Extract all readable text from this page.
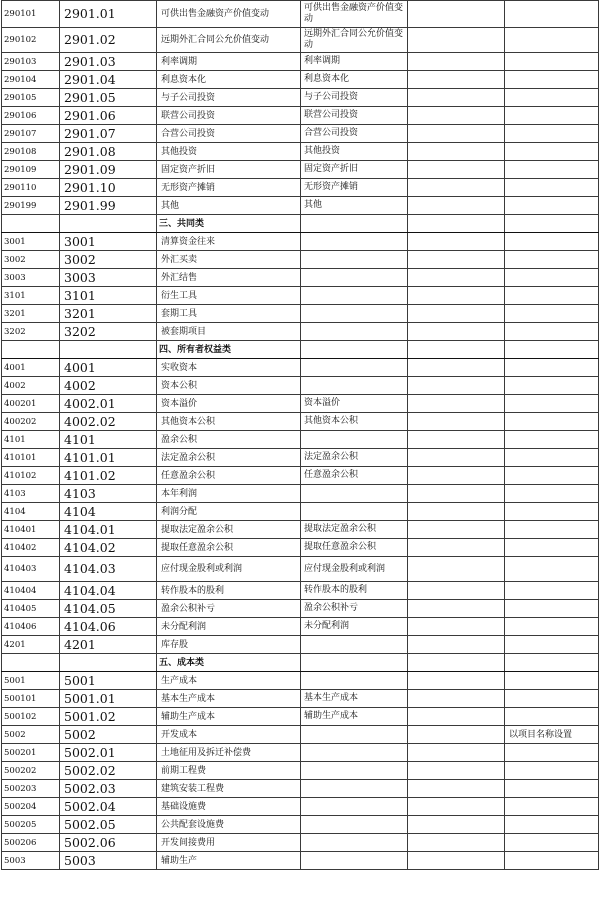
290101	2901.01	可供出售金融资产价值变动	可供出售金融资产价值变动		
290102	2901.02	远期外汇合同公允价值变动	远期外汇合同公允价值变动		
290103	2901.03	利率调期	利率调期		
290104	2901.04	利息资本化	利息资本化		
290105	2901.05	与子公司投资	与子公司投资		
290106	2901.06	联营公司投资	联营公司投资		
290107	2901.07	合营公司投资	合营公司投资		
290108	2901.08	其他投资	其他投资		
290109	2901.09	固定资产折旧	固定资产折旧		
290110	2901.10	无形资产摊销	无形资产摊销		
290199	2901.99	其他	其他		
		三、共同类			
3001	3001	清算资金往来			
3002	3002	外汇买卖			
3003	3003	外汇结售			
3101	3101	衍生工具			
3201	3201	套期工具			
3202	3202	被套期项目			
		四、所有者权益类			
4001	4001	实收资本			
4002	4002	资本公积			
400201	4002.01	资本溢价	资本溢价		
400202	4002.02	其他资本公积	其他资本公积		
4101	4101	盈余公积			
410101	4101.01	法定盈余公积	法定盈余公积		
410102	4101.02	任意盈余公积	任意盈余公积		
4103	4103	本年利润			
4104	4104	利润分配			
410401	4104.01	提取法定盈余公积	提取法定盈余公积		
410402	4104.02	提取任意盈余公积	提取任意盈余公积		
410403	4104.03	应付现金股利或利润	应付现金股利或利润		
410404	4104.04	转作股本的股利	转作股本的股利		
410405	4104.05	盈余公积补亏	盈余公积补亏		
410406	4104.06	未分配利润	未分配利润		
4201	4201	库存股			
		五、成本类			
5001	5001	生产成本			
500101	5001.01	基本生产成本	基本生产成本		
500102	5001.02	辅助生产成本	辅助生产成本		
5002	5002	开发成本			以项目名称设置
500201	5002.01	土地征用及拆迁补偿费			
500202	5002.02	前期工程费			
500203	5002.03	建筑安装工程费			
500204	5002.04	基础设施费			
500205	5002.05	公共配套设施费			
500206	5002.06	开发间接费用			
5003	5003	辅助生产			
